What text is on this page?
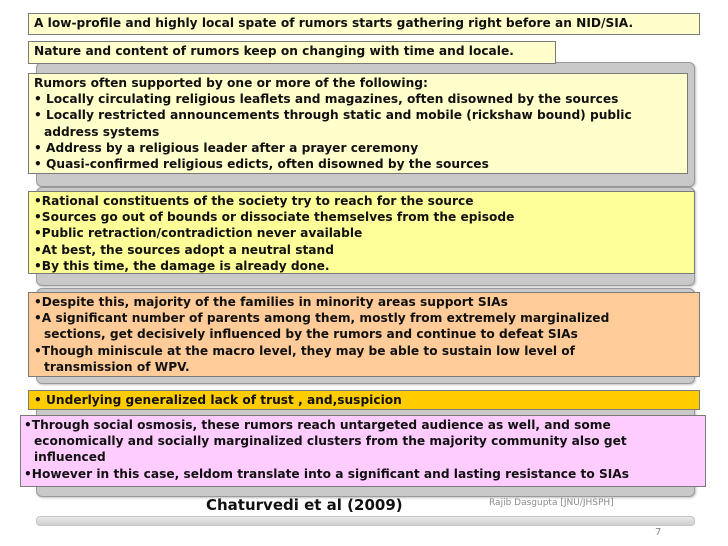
A low-profile and highly local spate of rumors starts gathering right before an NID/SIA.
Nature and content of rumors keep on changing with time and locale.
Rumors often supported by one or more of the following:
• Locally circulating religious leaflets and magazines, often disowned by the sources
• Locally restricted announcements through static and mobile (rickshaw bound) public
address systems
• Address by a religious leader after a prayer ceremony
• Quasi-confirmed religious edicts, often disowned by the sources
•Rational constituents of the society try to reach for the source
•Sources go out of bounds or dissociate themselves from the episode
•Public retraction/contradiction never available
•At best, the sources adopt a neutral stand
•By this time, the damage is already done.
•Despite this, majority of the families in minority areas support SIAs
•A significant number of parents among them, mostly from extremely marginalized
sections, get decisively influenced by the rumors and continue to defeat SIAs
•Though miniscule at the macro level, they may be able to sustain low level of
transmission of WPV.
• Underlying generalized lack of trust , and,suspicion
•Through social osmosis, these rumors reach untargeted audience as well, and some
economically and socially marginalized clusters from the majority community also get
influenced
•However in this case, seldom translate into a significant and lasting resistance to SIAs
Chaturvedi et al (2009)	Rajib Dasgupta [JNU/JHSPH]
7
